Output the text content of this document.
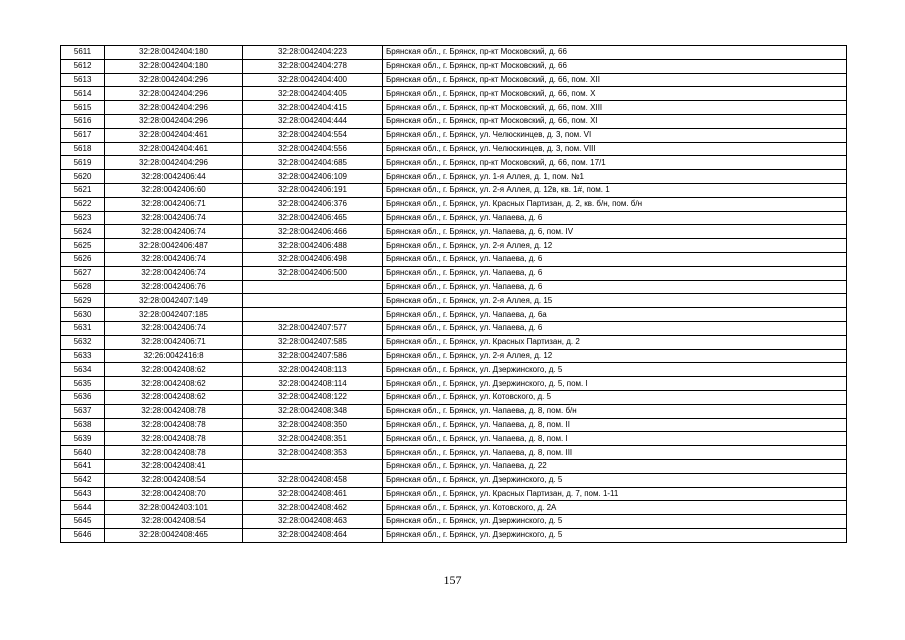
5611	32:28:0042404:180	32:28:0042404:223	Брянская обл., г. Брянск, пр-кт Московский, д. 66
5612	32:28:0042404:180	32:28:0042404:278	Брянская обл., г. Брянск, пр-кт Московский, д. 66
5613	32:28:0042404:296	32:28:0042404:400	Брянская обл., г. Брянск, пр-кт Московский, д. 66, пом. XII
5614	32:28:0042404:296	32:28:0042404:405	Брянская обл., г. Брянск, пр-кт Московский, д. 66, пом. X
5615	32:28:0042404:296	32:28:0042404:415	Брянская обл., г. Брянск, пр-кт Московский, д. 66, пом. XIII
5616	32:28:0042404:296	32:28:0042404:444	Брянская обл., г. Брянск, пр-кт Московский, д. 66, пом. XI
5617	32:28:0042404:461	32:28:0042404:554	Брянская обл., г. Брянск, ул. Челюскинцев, д. 3, пом. VI
5618	32:28:0042404:461	32:28:0042404:556	Брянская обл., г. Брянск, ул. Челюскинцев, д. 3, пом. VIII
5619	32:28:0042404:296	32:28:0042404:685	Брянская обл., г. Брянск, пр-кт Московский, д. 66, пом. 17/1
5620	32:28:0042406:44	32:28:0042406:109	Брянская обл., г. Брянск, ул. 1-я Аллея, д. 1, пом. №1
5621	32:28:0042406:60	32:28:0042406:191	Брянская обл., г. Брянск, ул. 2-я Аллея, д. 12в, кв. 1#, пом. 1
5622	32:28:0042406:71	32:28:0042406:376	Брянская обл., г. Брянск, ул. Красных Партизан, д. 2, кв. б/н, пом. б/н
5623	32:28:0042406:74	32:28:0042406:465	Брянская обл., г. Брянск, ул. Чапаева, д. 6
5624	32:28:0042406:74	32:28:0042406:466	Брянская обл., г. Брянск, ул. Чапаева, д. 6, пом. IV
5625	32:28:0042406:487	32:28:0042406:488	Брянская обл., г. Брянск, ул. 2-я Аллея, д. 12
5626	32:28:0042406:74	32:28:0042406:498	Брянская обл., г. Брянск, ул. Чапаева, д. 6
5627	32:28:0042406:74	32:28:0042406:500	Брянская обл., г. Брянск, ул. Чапаева, д. 6
5628	32:28:0042406:76		Брянская обл., г. Брянск, ул. Чапаева, д. 6
5629	32:28:0042407:149		Брянская обл., г. Брянск, ул. 2-я Аллея, д. 15
5630	32:28:0042407:185		Брянская обл., г. Брянск, ул. Чапаева, д. 6а
5631	32:28:0042406:74	32:28:0042407:577	Брянская обл., г. Брянск, ул. Чапаева, д. 6
5632	32:28:0042406:71	32:28:0042407:585	Брянская обл., г. Брянск, ул. Красных Партизан, д. 2
5633	32:26:0042416:8	32:28:0042407:586	Брянская обл., г. Брянск, ул. 2-я Аллея, д. 12
5634	32:28:0042408:62	32:28:0042408:113	Брянская обл., г. Брянск, ул. Дзержинского, д. 5
5635	32:28:0042408:62	32:28:0042408:114	Брянская обл., г. Брянск, ул. Дзержинского, д. 5, пом. I
5636	32:28:0042408:62	32:28:0042408:122	Брянская обл., г. Брянск, ул. Котовского, д. 5
5637	32:28:0042408:78	32:28:0042408:348	Брянская обл., г. Брянск, ул. Чапаева, д. 8, пом. б/н
5638	32:28:0042408:78	32:28:0042408:350	Брянская обл., г. Брянск, ул. Чапаева, д. 8, пом. II
5639	32:28:0042408:78	32:28:0042408:351	Брянская обл., г. Брянск, ул. Чапаева, д. 8, пом. I
5640	32:28:0042408:78	32:28:0042408:353	Брянская обл., г. Брянск, ул. Чапаева, д. 8, пом. III
5641	32:28:0042408:41		Брянская обл., г. Брянск, ул. Чапаева, д. 22
5642	32:28:0042408:54	32:28:0042408:458	Брянская обл., г. Брянск, ул. Дзержинского, д. 5
5643	32:28:0042408:70	32:28:0042408:461	Брянская обл., г. Брянск, ул. Красных Партизан, д. 7, пом. 1-11
5644	32:28:0042403:101	32:28:0042408:462	Брянская обл., г. Брянск, ул. Котовского, д. 2А
5645	32:28:0042408:54	32:28:0042408:463	Брянская обл., г. Брянск, ул. Дзержинского, д. 5
5646	32:28:0042408:465	32:28:0042408:464	Брянская обл., г. Брянск, ул. Дзержинского, д. 5
157
